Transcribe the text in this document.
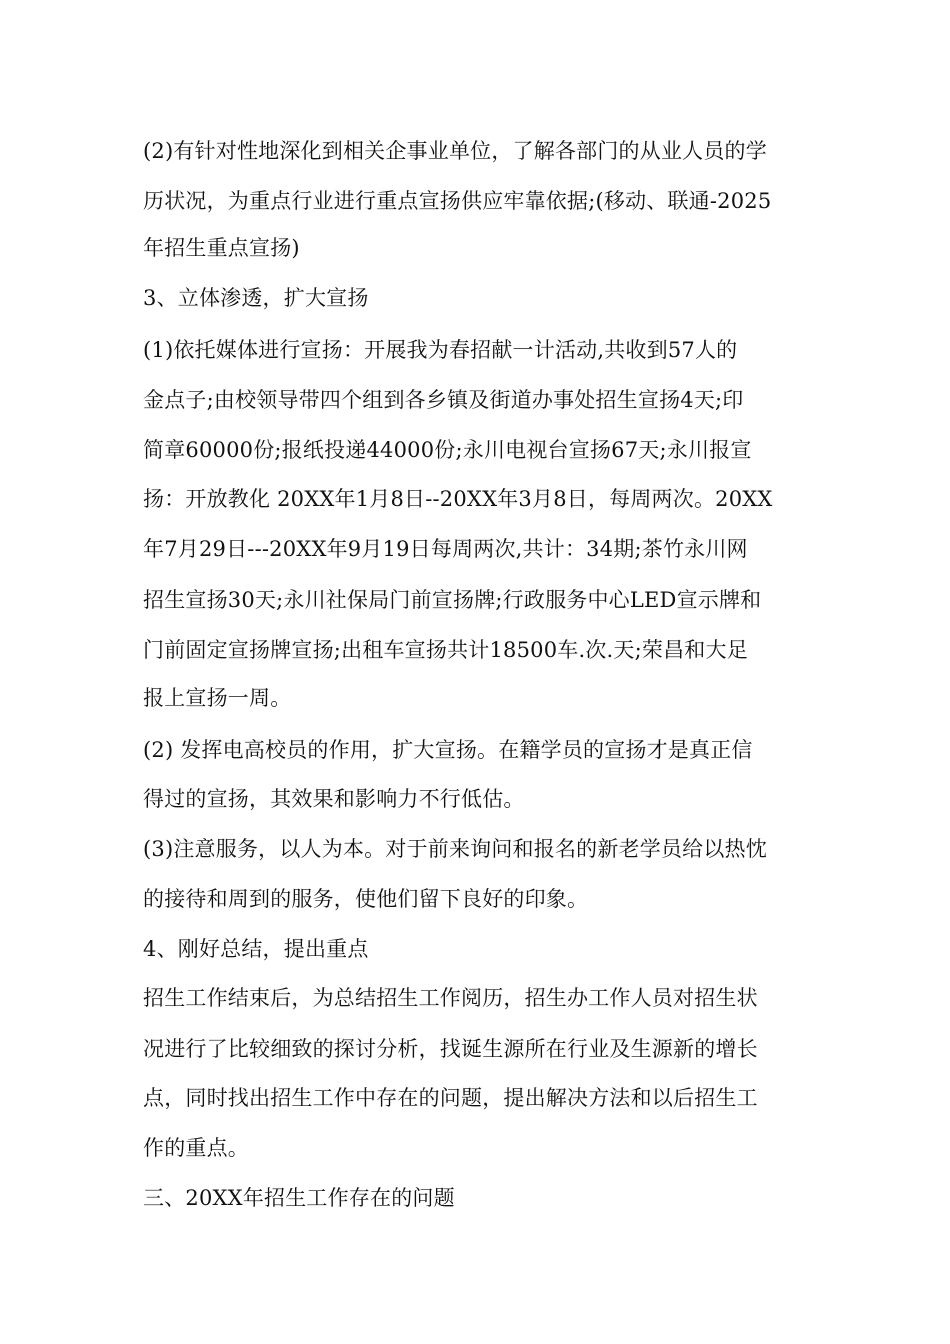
(2)有针对性地深化到相关企事业单位，了解各部门的从业人员的学
历状况，为重点行业进行重点宣扬供应牢靠依据;(移动、联通-2025
年招生重点宣扬)
3、立体渗透，扩大宣扬
(1)依托媒体进行宣扬：开展我为春招献一计活动,共收到57人的
金点子;由校领导带四个组到各乡镇及街道办事处招生宣扬4天;印
简章60000份;报纸投递44000份;永川电视台宣扬67天;永川报宣
扬：开放教化 20XX年1月8日--20XX年3月8日，每周两次。20XX
年7月29日---20XX年9月19日每周两次,共计：34期;茶竹永川网
招生宣扬30天;永川社保局门前宣扬牌;行政服务中心LED宣示牌和
门前固定宣扬牌宣扬;出租车宣扬共计18500车.次.天;荣昌和大足
报上宣扬一周。
(2) 发挥电高校员的作用，扩大宣扬。在籍学员的宣扬才是真正信
得过的宣扬，其效果和影响力不行低估。
(3)注意服务，以人为本。对于前来询问和报名的新老学员给以热忱
的接待和周到的服务，使他们留下良好的印象。
4、刚好总结，提出重点
招生工作结束后，为总结招生工作阅历，招生办工作人员对招生状
况进行了比较细致的探讨分析，找诞生源所在行业及生源新的增长
点，同时找出招生工作中存在的问题，提出解决方法和以后招生工
作的重点。
三、20XX年招生工作存在的问题
